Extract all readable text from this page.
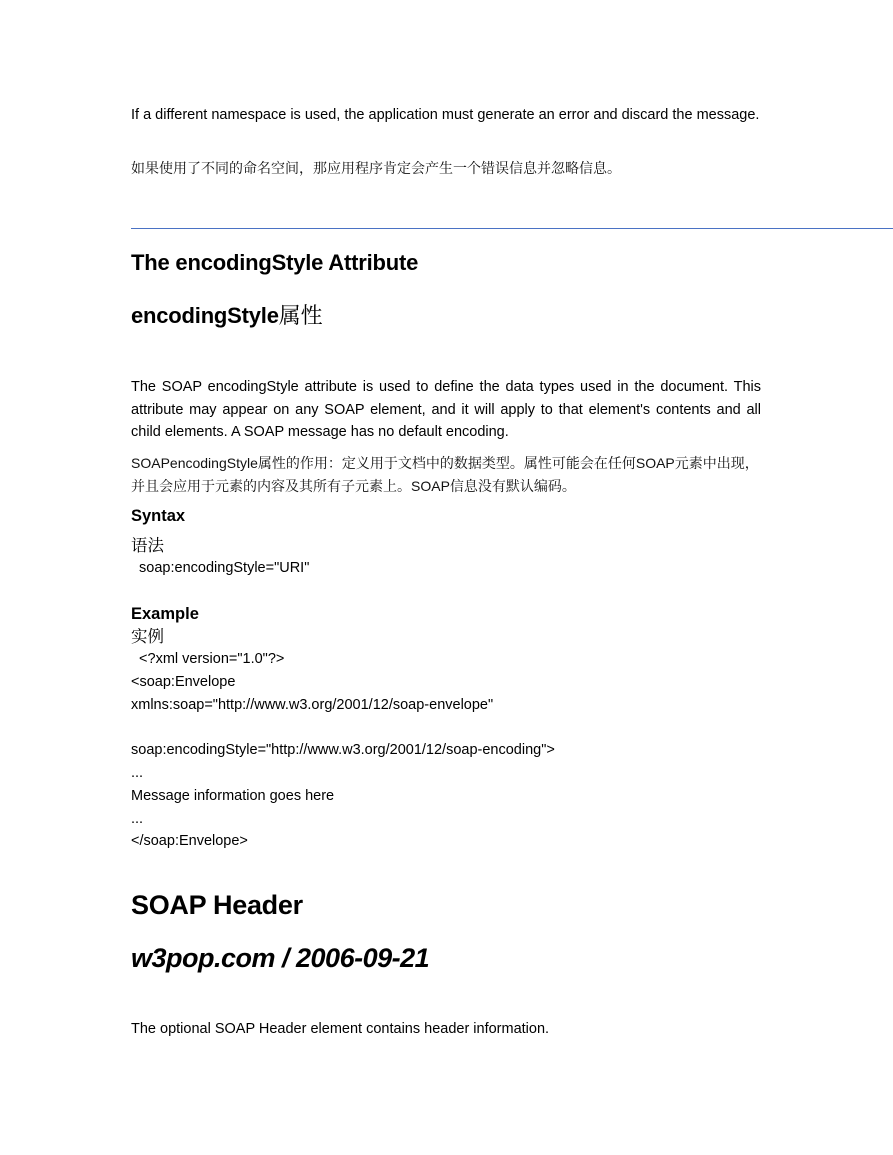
If a different namespace is used, the application must generate an error and discard the message.

如果使用了不同的命名空间，那应用程序肯定会产生一个错误信息并忽略信息。

The encodingStyle Attribute
encodingStyle属性

The SOAP encodingStyle attribute is used to define the data types used in the document. This attribute may appear on any SOAP element, and it will apply to that element's contents and all child elements. A SOAP message has no default encoding.

SOAPencodingStyle属性的作用：定义用于文档中的数据类型。属性可能会在任何SOAP元素中出现，并且会应用于元素的内容及其所有子元素上。SOAP信息没有默认编码。

Syntax
语法
soap:encodingStyle="URI"
Example
实例
<?xml version="1.0"?>
<soap:Envelope
xmlns:soap="http://www.w3.org/2001/12/soap-envelope"

soap:encodingStyle="http://www.w3.org/2001/12/soap-encoding">
...
Message information goes here
...
</soap:Envelope>
SOAP Header
w3pop.com / 2006-09-21

The optional SOAP Header element contains header information.
